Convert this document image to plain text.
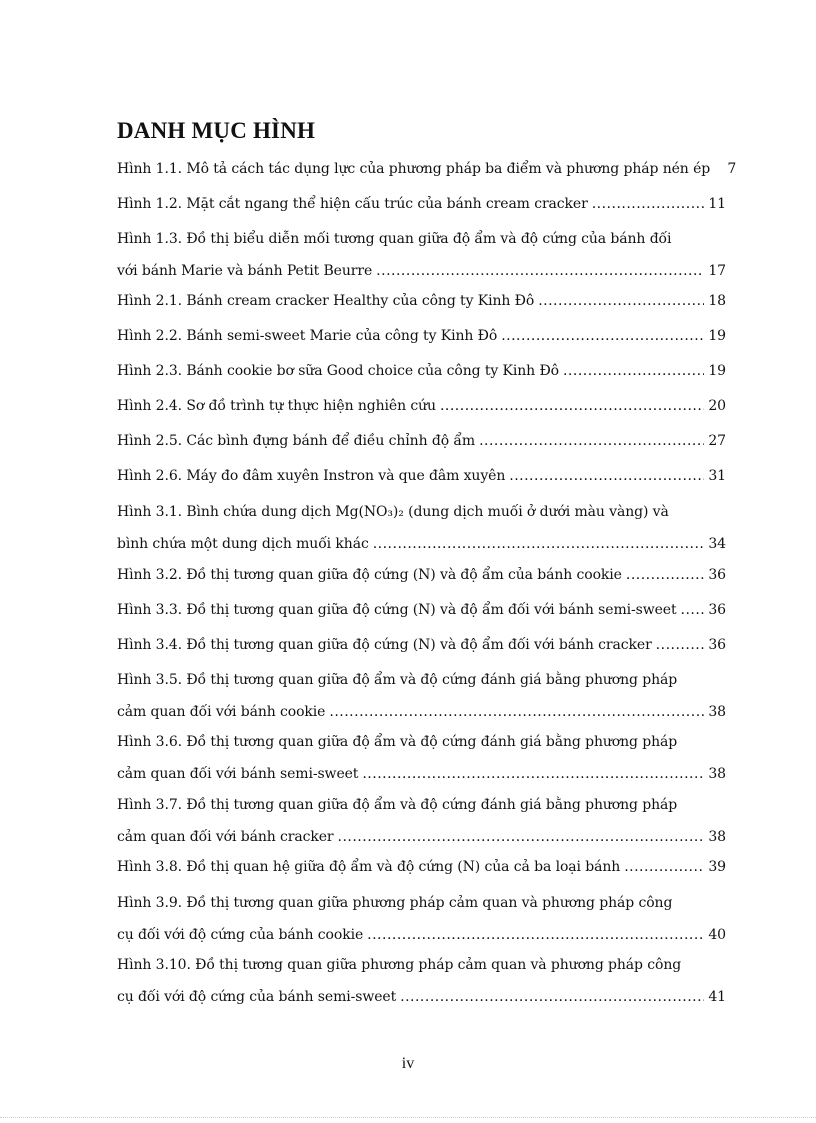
DANH MỤC HÌNH
Hình 1.1. Mô tả cách tác dụng lực của phương pháp ba điểm và phương pháp nén ép	7
Hình 1.2. Mặt cắt ngang thể hiện cấu trúc của bánh cream cracker .....	11
Hình 1.3. Đồ thị biểu diễn mối tương quan giữa độ ẩm và độ cứng của bánh đối
với bánh Marie và bánh Petit Beurre .....	17
Hình 2.1. Bánh cream cracker Healthy của công ty Kinh Đô .....	18
Hình 2.2. Bánh semi-sweet Marie của công ty Kinh Đô .....	19
Hình 2.3. Bánh cookie bơ sữa Good choice của công ty Kinh Đô .....	19
Hình 2.4. Sơ đồ trình tự thực hiện nghiên cứu .....	20
Hình 2.5. Các bình đựng bánh để điều chỉnh độ ẩm .....	27
Hình 2.6. Máy đo đâm xuyên Instron và que đâm xuyên .....	31
Hình 3.1. Bình chứa dung dịch Mg(NO₃)₂ (dung dịch muối ở dưới màu vàng) và
bình chứa một dung dịch muối khác .....	34
Hình 3.2. Đồ thị tương quan giữa độ cứng (N) và độ ẩm của bánh cookie .....	36
Hình 3.3. Đồ thị tương quan giữa độ cứng (N) và độ ẩm đối với bánh semi-sweet ..... 36
Hình 3.4. Đồ thị tương quan giữa độ cứng (N) và độ ẩm đối với bánh cracker .....	36
Hình 3.5. Đồ thị tương quan giữa độ ẩm và độ cứng đánh giá bằng phương pháp
cảm quan đối với bánh cookie .....	38
Hình 3.6. Đồ thị tương quan giữa độ ẩm và độ cứng đánh giá bằng phương pháp
cảm quan đối với bánh semi-sweet .....	38
Hình 3.7. Đồ thị tương quan giữa độ ẩm và độ cứng đánh giá bằng phương pháp
cảm quan đối với bánh cracker .....	38
Hình 3.8. Đồ thị quan hệ giữa độ ẩm và độ cứng (N) của cả ba loại bánh .....	39
Hình 3.9. Đồ thị tương quan giữa phương pháp cảm quan và phương pháp công
cụ đối với độ cứng của bánh cookie .....	40
Hình 3.10. Đồ thị tương quan giữa phương pháp cảm quan và phương pháp công
cụ đối với độ cứng của bánh semi-sweet .....	41
iv
